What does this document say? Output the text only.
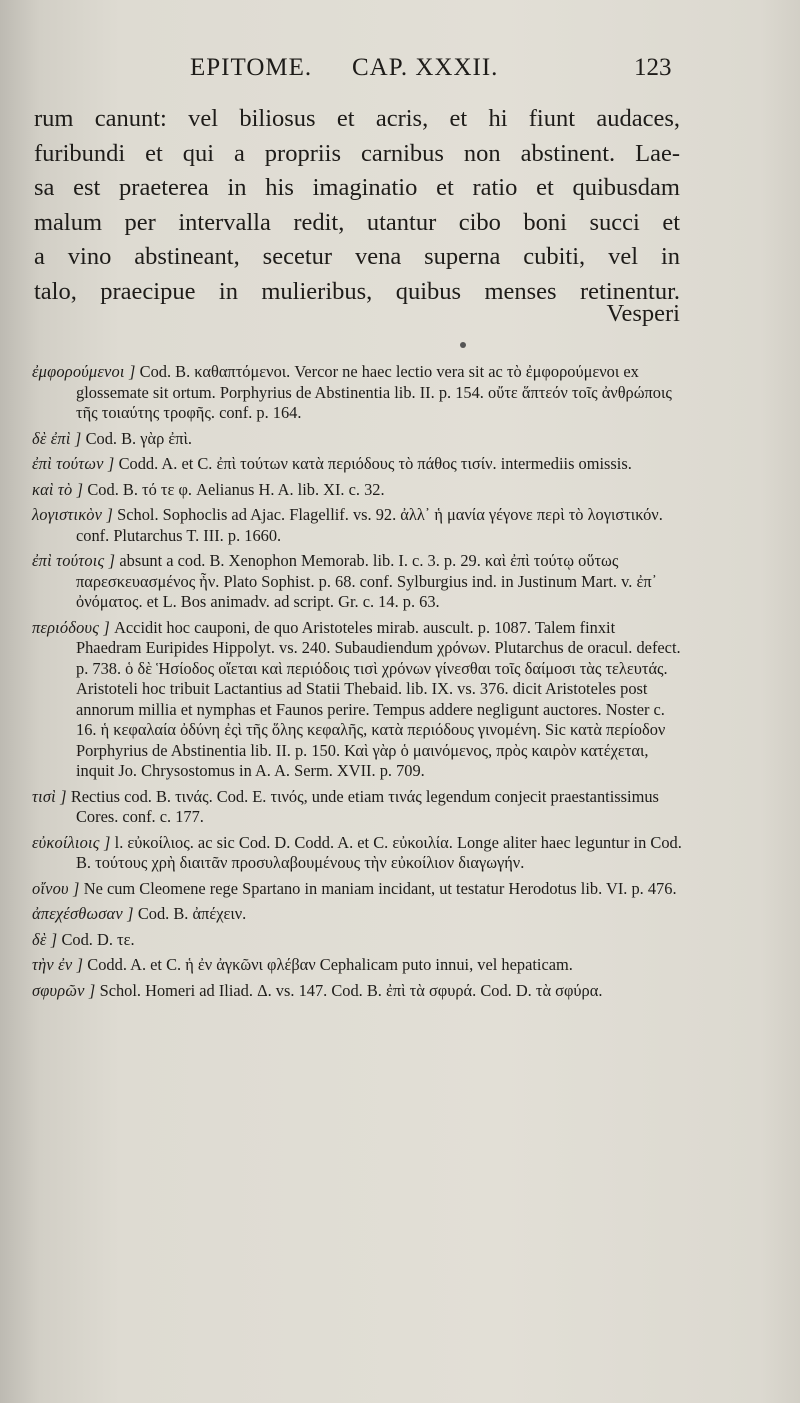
EPITOME. CAP. XXXII.	123
rum canunt: vel biliosus et acris, et hi fiunt audaces,
furibundi et qui a propriis carnibus non abstinent. Lae-
sa est praeterea in his imaginatio et ratio et quibusdam
malum per intervalla redit, utantur cibo boni succi et
a vino abstineant, secetur vena superna cubiti, vel in
talo, praecipue in mulieribus, quibus menses retinentur.
Vesperi

ἐμφορούμενοι ] Cod. B. καθαπτόμενοι. Vercor ne haec lectio vera sit ac τὸ ἐμφορούμενοι ex glossemate sit ortum. Porphyrius de Abstinentia lib. II. p. 154. οὔτε ἅπτεόν τοῖς ἀνθρώποις τῆς τοιαύτης τροφῆς. conf. p. 164.

δὲ ἐπὶ ] Cod. B. γὰρ ἐπὶ.

ἐπὶ τούτων ] Codd. A. et C. ἐπὶ τούτων κατὰ περιόδους τὸ πάθος τισίν. intermediis omissis.

καὶ τὸ ] Cod. B. τό τε φ. Aelianus H. A. lib. XI. c. 32.

λογιστικὸν ] Schol. Sophoclis ad Ajac. Flagellif. vs. 92. ἀλλ᾽ ἡ μανία γέγονε περὶ τὸ λογιστικόν. conf. Plutarchus T. III. p. 1660.

ἐπὶ τούτοις ] absunt a cod. B. Xenophon Memorab. lib. I. c. 3. p. 29. καὶ ἐπὶ τούτῳ οὕτως παρεσκευασμένος ἦν. Plato Sophist. p. 68. conf. Sylburgius ind. in Justinum Mart. v. ἐπ᾽ ὀνόματος. et L. Bos animadv. ad script. Gr. c. 14. p. 63.

περιόδους ] Accidit hoc cauponi, de quo Aristoteles mirab. auscult. p. 1087. Talem finxit Phaedram Euripides Hippolyt. vs. 240. Subaudiendum χρόνων. Plutarchus de oracul. defect. p. 738. ὁ δὲ Ἡσίοδος οἴεται καὶ περιόδοις τισὶ χρόνων γίνεσθαι τοῖς δαίμοσι τὰς τελευτάς. Aristoteli hoc tribuit Lactantius ad Statii Thebaid. lib. IX. vs. 376. dicit Aristoteles post annorum millia et nymphas et Faunos perire. Tempus addere negligunt auctores. Noster c. 16. ἡ κεφαλαία ὀδύνη ἐςὶ τῆς ὅλης κεφαλῆς, κατὰ περιόδους γινομένη. Sic κατὰ περίοδον Porphyrius de Abstinentia lib. II. p. 150. Καὶ γὰρ ὁ μαινόμενος, πρὸς καιρὸν κατέχεται, inquit Jo. Chrysostomus in A. A. Serm. XVII. p. 709.

τισὶ ] Rectius cod. B. τινάς. Cod. E. τινός, unde etiam τινάς legendum conjecit praestantissimus Cores. conf. c. 177.

εὐκοίλιοις ] l. εὐκοίλιος. ac sic Cod. D. Codd. A. et C. εὐκοιλία. Longe aliter haec leguntur in Cod. B. τούτους χρὴ διαιτᾶν προσυλαβουμένους τὴν εὐκοίλιον διαγωγήν.

οἴνου ] Ne cum Cleomene rege Spartano in maniam incidant, ut testatur Herodotus lib. VI. p. 476.

ἀπεχέσθωσαν ] Cod. B. ἀπέχειν.

δὲ ] Cod. D. τε.

τὴν ἐν ] Codd. A. et C. ἡ ἐν ἀγκῶνι φλέβαν Cephalicam puto innui, vel hepaticam.

σφυρῶν ] Schol. Homeri ad Iliad. Δ. vs. 147. Cod. B. ἐπὶ τὰ σφυρά. Cod. D. τὰ σφύρα.
